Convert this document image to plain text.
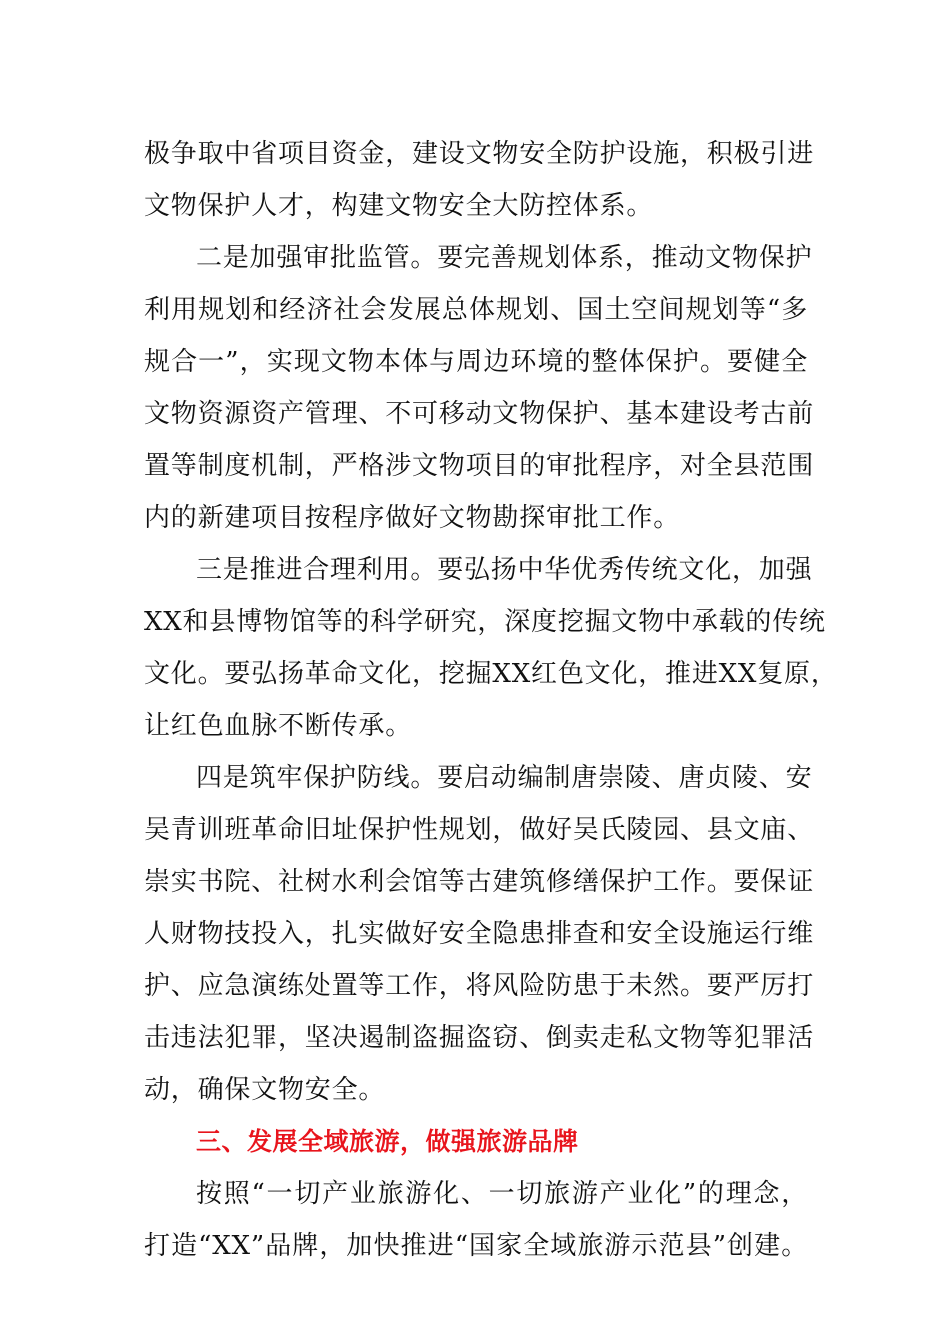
极争取中省项目资金，建设文物安全防护设施，积极引进
文物保护人才，构建文物安全大防控体系。
二是加强审批监管。要完善规划体系，推动文物保护
利用规划和经济社会发展总体规划、国土空间规划等“多
规合一”，实现文物本体与周边环境的整体保护。要健全
文物资源资产管理、不可移动文物保护、基本建设考古前
置等制度机制，严格涉文物项目的审批程序，对全县范围
内的新建项目按程序做好文物勘探审批工作。
三是推进合理利用。要弘扬中华优秀传统文化，加强
XX和县博物馆等的科学研究，深度挖掘文物中承载的传统
文化。要弘扬革命文化，挖掘XX红色文化，推进XX复原，
让红色血脉不断传承。
四是筑牢保护防线。要启动编制唐崇陵、唐贞陵、安
吴青训班革命旧址保护性规划，做好吴氏陵园、县文庙、
崇实书院、社树水利会馆等古建筑修缮保护工作。要保证
人财物技投入，扎实做好安全隐患排查和安全设施运行维
护、应急演练处置等工作，将风险防患于未然。要严厉打
击违法犯罪，坚决遏制盗掘盗窃、倒卖走私文物等犯罪活
动，确保文物安全。
三、发展全域旅游，做强旅游品牌
按照“一切产业旅游化、一切旅游产业化”的理念，
打造“XX”品牌，加快推进“国家全域旅游示范县”创建。
